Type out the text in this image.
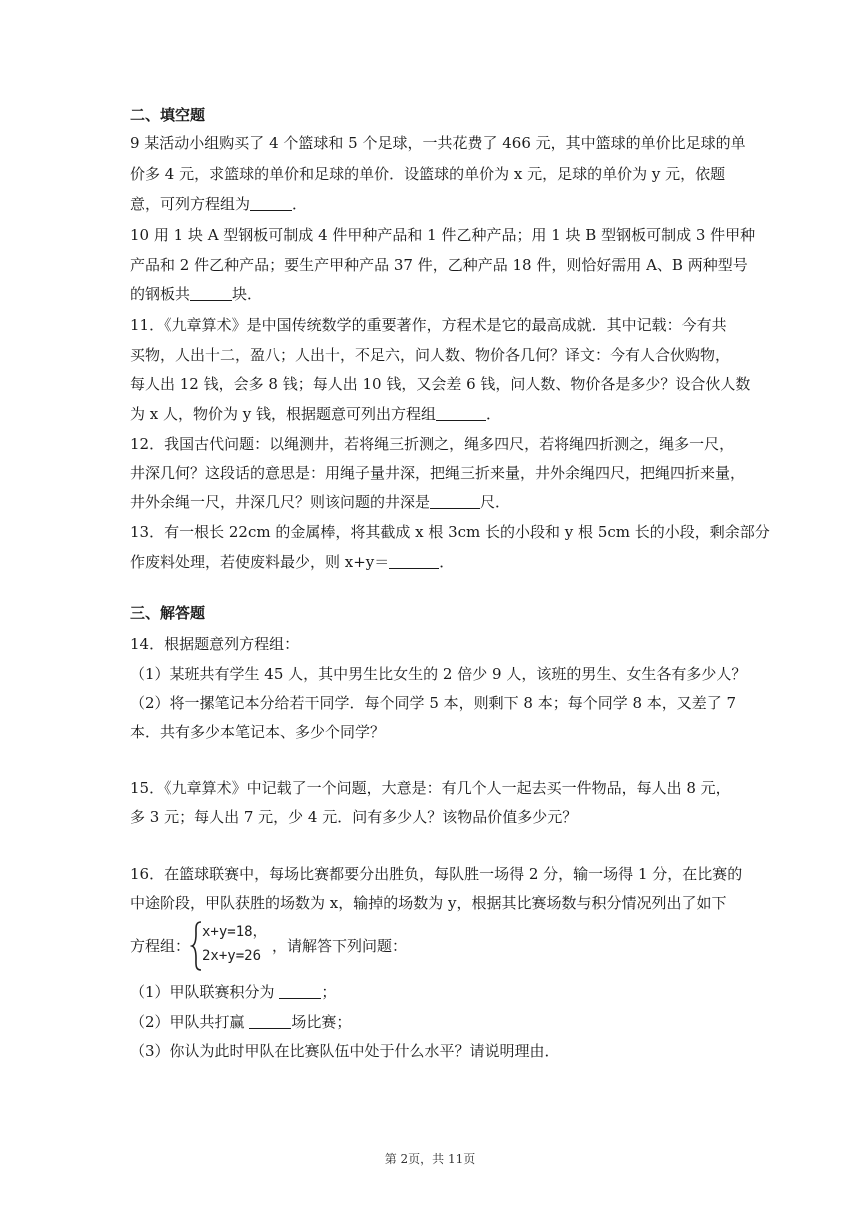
二、填空题
9 某活动小组购买了 4 个篮球和 5 个足球，一共花费了 466 元，其中篮球的单价比足球的单
价多 4 元，求篮球的单价和足球的单价．设篮球的单价为 x 元，足球的单价为 y 元，依题
意，可列方程组为	．
10 用 1 块 A 型钢板可制成 4 件甲种产品和 1 件乙种产品；用 1 块 B 型钢板可制成 3 件甲种
产品和 2 件乙种产品；要生产甲种产品 37 件，乙种产品 18 件，则恰好需用 A、B 两种型号
的钢板共	块．
11．《九章算术》是中国传统数学的重要著作，方程术是它的最高成就．其中记载：今有共
买物，人出十二，盈八；人出十，不足六，问人数、物价各几何？译文：今有人合伙购物，
每人出 12 钱，会多 8 钱；每人出 10 钱，又会差 6 钱，问人数、物价各是多少？设合伙人数
为 x 人，物价为 y 钱，根据题意可列出方程组	．
12．我国古代问题：以绳测井，若将绳三折测之，绳多四尺，若将绳四折测之，绳多一尺，
井深几何？这段话的意思是：用绳子量井深，把绳三折来量，井外余绳四尺，把绳四折来量，
井外余绳一尺，井深几尺？则该问题的井深是	尺．
13．有一根长 22cm 的金属棒，将其截成 x 根 3cm 长的小段和 y 根 5cm 长的小段，剩余部分
作废料处理，若使废料最少，则 x+y＝	．
三、解答题
14．根据题意列方程组：
（1）某班共有学生 45 人，其中男生比女生的 2 倍少 9 人，该班的男生、女生各有多少人？
（2）将一摞笔记本分给若干同学．每个同学 5 本，则剩下 8 本；每个同学 8 本，又差了 7
本．共有多少本笔记本、多少个同学？
15．《九章算术》中记载了一个问题，大意是：有几个人一起去买一件物品，每人出 8 元，
多 3 元；每人出 7 元，少 4 元．问有多少人？该物品价值多少元？
16．在篮球联赛中，每场比赛都要分出胜负，每队胜一场得 2 分，输一场得 1 分，在比赛的
中途阶段，甲队获胜的场数为 x，输掉的场数为 y，根据其比赛场数与积分情况列出了如下
方程组：
x+y=18，
2x+y=26
，请解答下列问题：
（1）甲队联赛积分为	；
（2）甲队共打赢	场比赛；
（3）你认为此时甲队在比赛队伍中处于什么水平？请说明理由．
第 2页，共 11页
